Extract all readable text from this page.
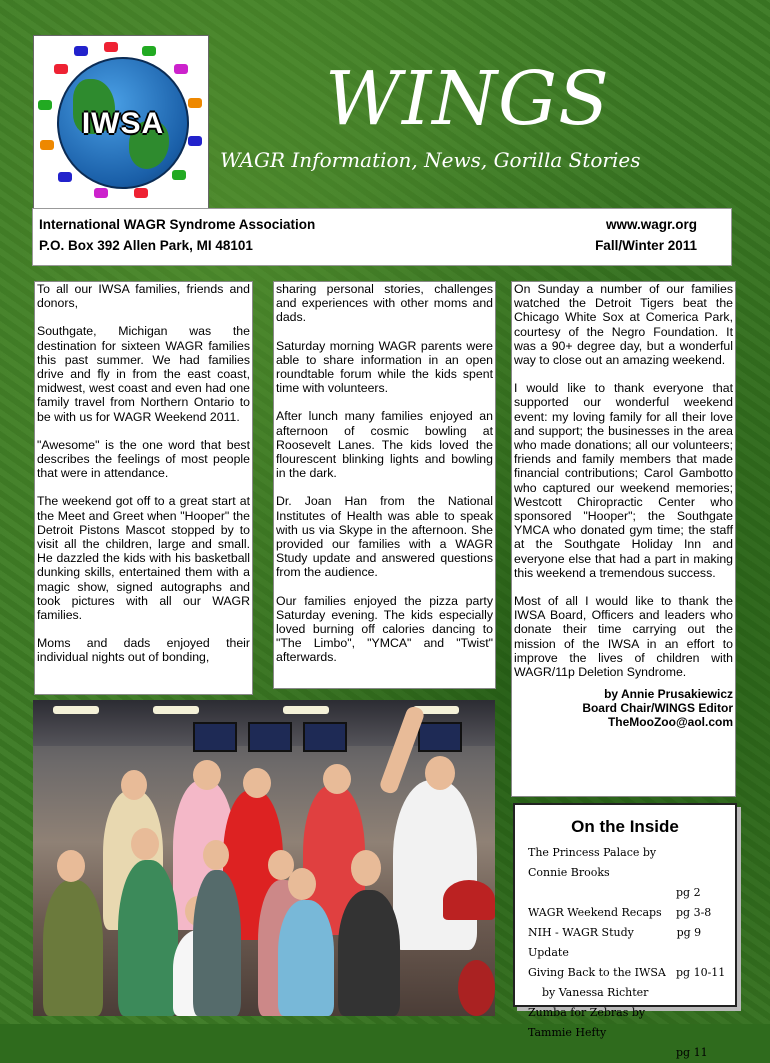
IWSA	WINGS
WAGR Information, News, Gorilla Stories
International WAGR Syndrome Association
P.O. Box 392 Allen Park, MI 48101
www.wagr.org
Fall/Winter 2011

To all our IWSA families, friends and donors,

Southgate, Michigan was the destination for sixteen WAGR families this past summer. We had families drive and fly in from the east coast, midwest, west coast and even had one family travel from Northern Ontario to be with us for WAGR Weekend 2011.

"Awesome" is the one word that best describes the feelings of most people that were in attendance.

The weekend got off to a great start at the Meet and Greet when "Hooper" the Detroit Pistons Mascot stopped by to visit all the children, large and small. He dazzled the kids with his basketball dunking skills, entertained them with a magic show, signed autographs and took pictures with all our WAGR families.

Moms and dads enjoyed their individual nights out of bonding,

sharing personal stories, challenges and experiences with other moms and dads.

Saturday morning WAGR parents were able to share information in an open roundtable forum while the kids spent time with volunteers.

After lunch many families enjoyed an afternoon of cosmic bowling at Roosevelt Lanes. The kids loved the flourescent blinking lights and bowling in the dark.

Dr. Joan Han from the National Institutes of Health was able to speak with us via Skype in the afternoon. She provided our families with a WAGR Study update and answered questions from the audience.

Our families enjoyed the pizza party Saturday evening. The kids especially loved burning off calories dancing to "The Limbo", "YMCA" and "Twist" afterwards.

On Sunday a number of our families watched the Detroit Tigers beat the Chicago White Sox at Comerica Park, courtesy of the Negro Foundation. It was a 90+ degree day, but a wonderful way to close out an amazing weekend.

I would like to thank everyone that supported our wonderful weekend event: my loving family for all their love and support; the businesses in the area who made donations; all our volunteers; friends and family members that made financial contributions; Carol Gambotto who captured our weekend memories; Westcott Chiropractic Center who sponsored "Hooper"; the Southgate YMCA who donated gym time; the staff at the Southgate Holiday Inn and everyone else that had a part in making this weekend a tremendous success.

Most of all I would like to thank the IWSA Board, Officers and leaders who donate their time carrying out the mission of the IWSA in an effort to improve the lives of children with WAGR/11p Deletion Syndrome.

by Annie Prusakiewicz
Board Chair/WINGS Editor
TheMooZoo@aol.com
On the Inside
The Princess Palace by Connie Brooks
pg 2
WAGR Weekend Recaps pg 3-8
NIH - WAGR Study Update
pg 9
Giving Back to the IWSA pg 10-11
by Vanessa Richter
Zumba for Zebras by Tammie Hefty
pg 11
